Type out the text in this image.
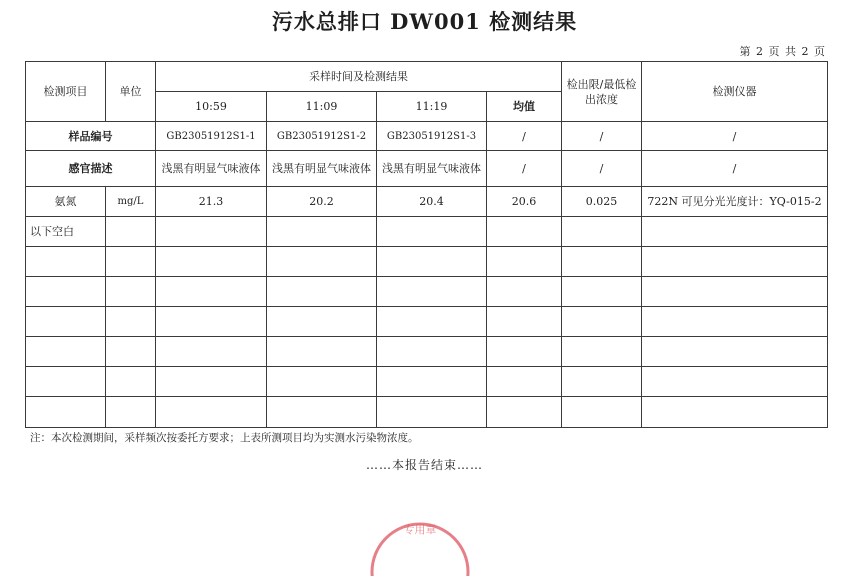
污水总排口 DW001 检测结果
第 2 页 共 2 页
检测项目	单位	采样时间及检测结果				检出限/最低检出浓度	检测仪器
		10:59	11:09	11:19	均值		
样品编号		GB23051912S1-1	GB23051912S1-2	GB23051912S1-3	/	/	/
感官描述		浅黑有明显气味液体	浅黑有明显气味液体	浅黑有明显气味液体	/	/	/
氨氮	mg/L	21.3	20.2	20.4	20.6	0.025	722N 可见分光光度计：YQ-015-2
以下空白							

注：本次检测期间，采样频次按委托方要求；上表所测项目均为实测水污染物浓度。
……本报告结束……
专用章
